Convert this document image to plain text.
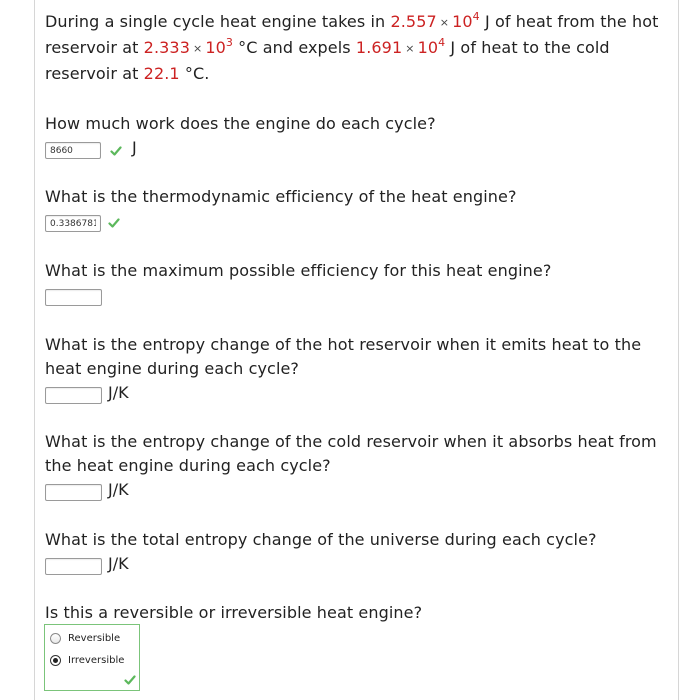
During a single cycle heat engine takes in $2.557 \times 10^4$ J of heat from the hot reservoir at $2.333 \times 10^3$ °C and expels $1.691 \times 10^4$ J of heat to the cold reservoir at 22.1 °C.
How much work does the engine do each cycle?
8660
J
What is the thermodynamic efficiency of the heat engine?
0.3386781
What is the maximum possible efficiency for this heat engine?
What is the entropy change of the hot reservoir when it emits heat to the heat engine during each cycle?
J/K
What is the entropy change of the cold reservoir when it absorbs heat from the heat engine during each cycle?
J/K
What is the total entropy change of the universe during each cycle?
J/K
Is this a reversible or irreversible heat engine?
Reversible
Irreversible
